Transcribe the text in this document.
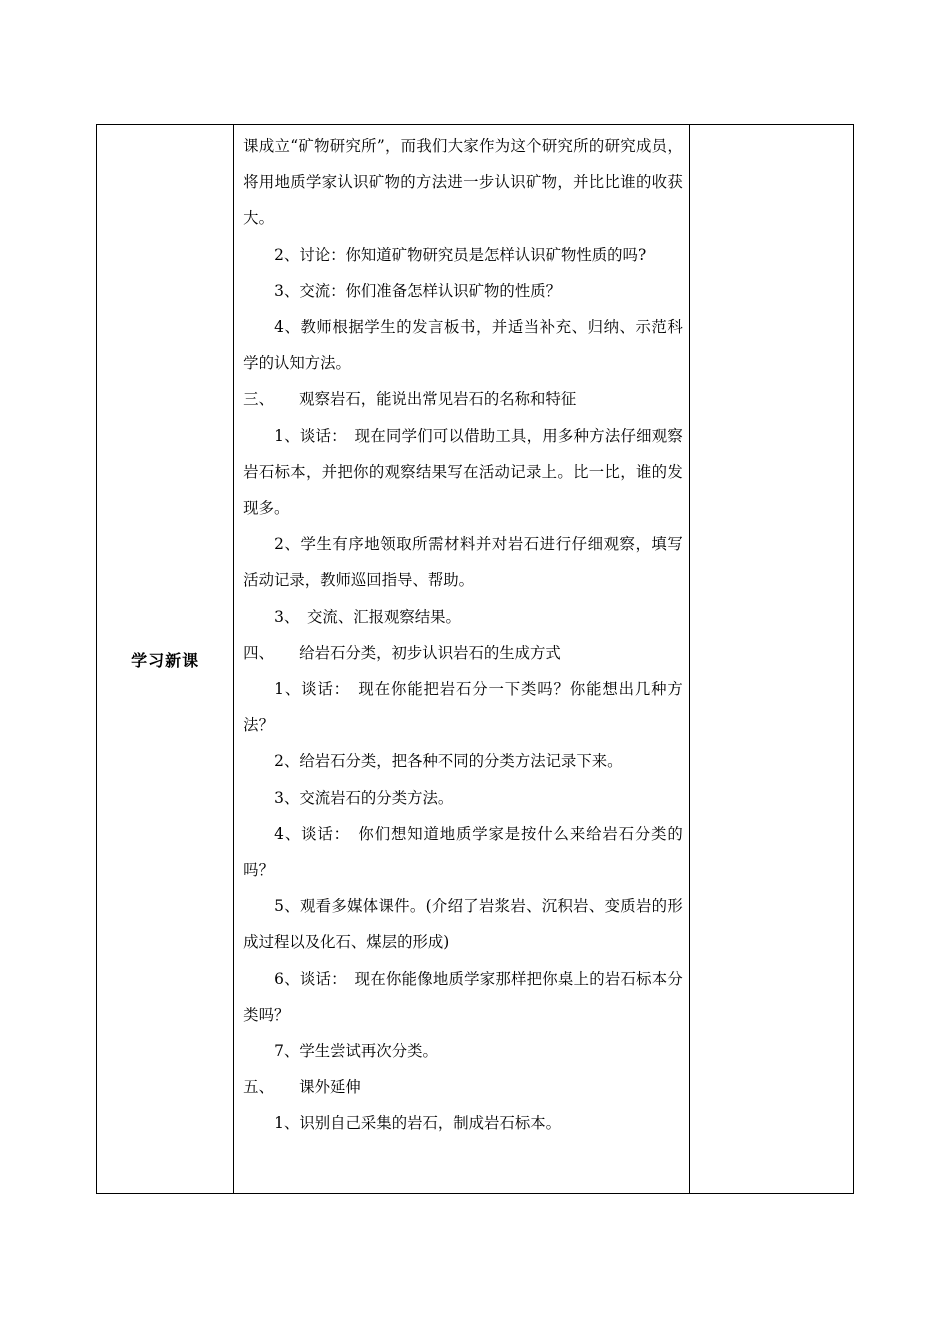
学习新课	

课成立“矿物研究所”，而我们大家作为这个研究所的研究成员，将用地质学家认识矿物的方法进一步认识矿物，并比比谁的收获大。

2、讨论：你知道矿物研究员是怎样认识矿物性质的吗?

3、交流：你们准备怎样认识矿物的性质？

4、教师根据学生的发言板书，并适当补充、归纳、示范科学的认知方法。

三、 观察岩石，能说出常见岩石的名称和特征

1、谈话：　现在同学们可以借助工具，用多种方法仔细观察岩石标本，并把你的观察结果写在活动记录上。比一比，谁的发现多。

2、学生有序地领取所需材料并对岩石进行仔细观察，填写活动记录，教师巡回指导、帮助。

3、　交流、汇报观察结果。

四、 给岩石分类，初步认识岩石的生成方式

1、谈话：　现在你能把岩石分一下类吗？你能想出几种方法？

2、给岩石分类，把各种不同的分类方法记录下来。

3、交流岩石的分类方法。

4、谈话：　你们想知道地质学家是按什么来给岩石分类的吗？

5、观看多媒体课件。(介绍了岩浆岩、沉积岩、变质岩的形成过程以及化石、煤层的形成)

6、谈话：　现在你能像地质学家那样把你桌上的岩石标本分类吗？

7、学生尝试再次分类。

五、 课外延伸

1、识别自己采集的岩石，制成岩石标本。
